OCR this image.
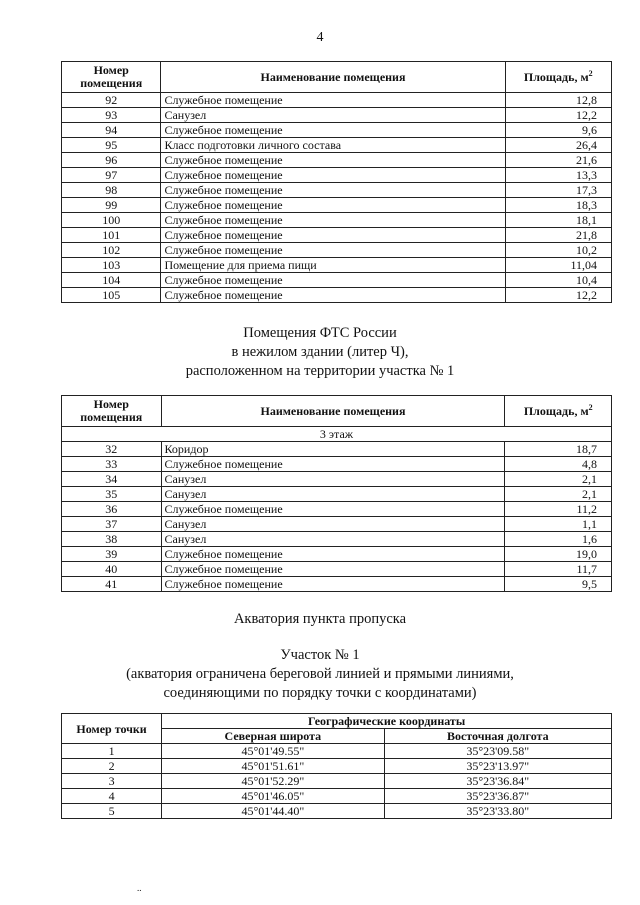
4
Номер помещения	Наименование помещения	Площадь, $м^2$
92	Служебное помещение	12,8
93	Санузел	12,2
94	Служебное помещение	9,6
95	Класс подготовки личного состава	26,4
96	Служебное помещение	21,6
97	Служебное помещение	13,3
98	Служебное помещение	17,3
99	Служебное помещение	18,3
100	Служебное помещение	18,1
101	Служебное помещение	21,8
102	Служебное помещение	10,2
103	Помещение для приема пищи	11,04
104	Служебное помещение	10,4
105	Служебное помещение	12,2
Помещения ФТС России
в нежилом здании (литер Ч),
расположенном на территории участка № 1
Номер помещения	Наименование помещения	Площадь, $м^2$
3 этаж		
32	Коридор	18,7
33	Служебное помещение	4,8
34	Санузел	2,1
35	Санузел	2,1
36	Служебное помещение	11,2
37	Санузел	1,1
38	Санузел	1,6
39	Служебное помещение	19,0
40	Служебное помещение	11,7
41	Служебное помещение	9,5
Акватория пункта пропуска
Участок № 1
(акватория ограничена береговой линией и прямыми линиями,
соединяющими по порядку точки с координатами)
Номер точки	Географические координаты	
	Северная широта	Восточная долгота
1	45°01'49.55"	35°23'09.58"
2	45°01'51.61"	35°23'13.97"
3	45°01'52.29"	35°23'36.84"
4	45°01'46.05"	35°23'36.87"
5	45°01'44.40"	35°23'33.80"
..
